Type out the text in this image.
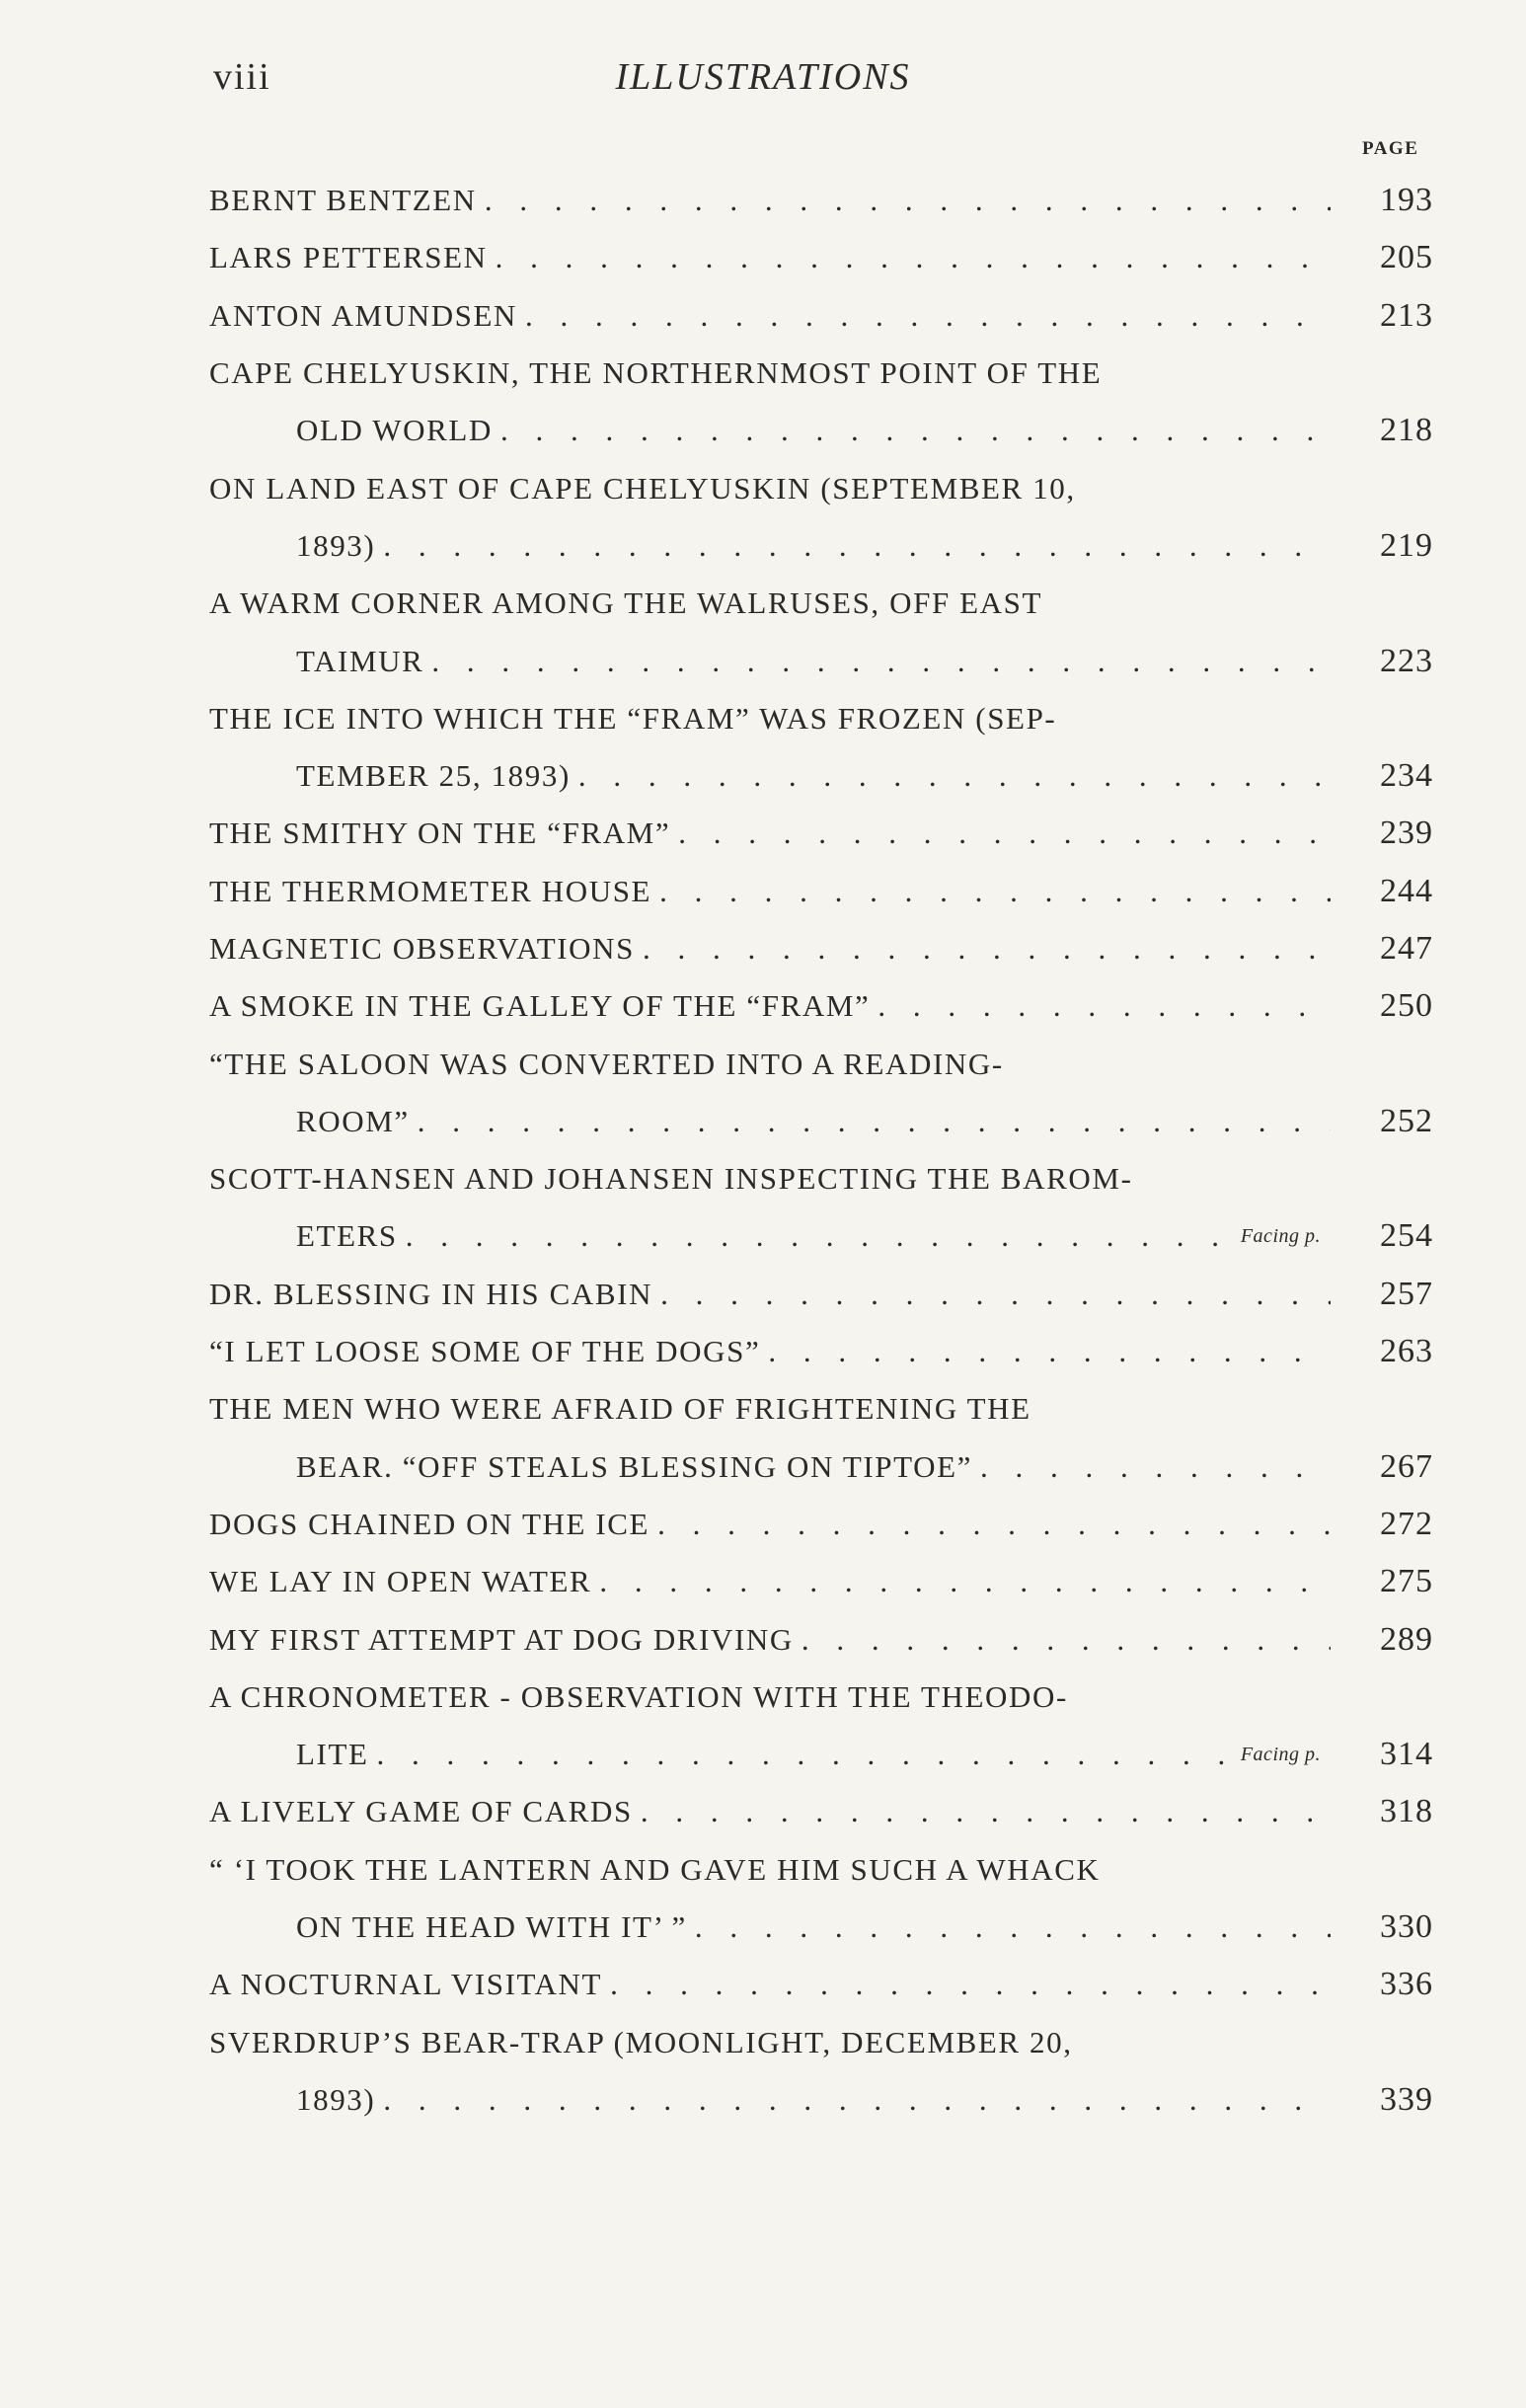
viii	ILLUSTRATIONS
PAGE
BERNT BENTZEN . . .	193
LARS PETTERSEN . . .	205
ANTON AMUNDSEN . . .	213
CAPE CHELYUSKIN, THE NORTHERNMOST POINT OF THE
OLD WORLD . . .	218
ON LAND EAST OF CAPE CHELYUSKIN (SEPTEMBER 10,
1893) . . .	219
A WARM CORNER AMONG THE WALRUSES, OFF EAST
TAIMUR . . .	223
THE ICE INTO WHICH THE “FRAM” WAS FROZEN (SEP-
TEMBER 25, 1893) . . .	234
THE SMITHY ON THE “FRAM” . . .	239
THE THERMOMETER HOUSE . . .	244
MAGNETIC OBSERVATIONS . . .	247
A SMOKE IN THE GALLEY OF THE “FRAM” . . .	250
“THE SALOON WAS CONVERTED INTO A READING-
ROOM” . . .	252
SCOTT-HANSEN AND JOHANSEN INSPECTING THE BAROM-
ETERS . . .	Facing p.	254
DR. BLESSING IN HIS CABIN . . .	257
“I LET LOOSE SOME OF THE DOGS” . . .	263
THE MEN WHO WERE AFRAID OF FRIGHTENING THE
BEAR. “OFF STEALS BLESSING ON TIPTOE” . . .	267
DOGS CHAINED ON THE ICE . . .	272
WE LAY IN OPEN WATER . . .	275
MY FIRST ATTEMPT AT DOG DRIVING . . .	289
A CHRONOMETER - OBSERVATION WITH THE THEODO-
LITE . . .	Facing p.	314
A LIVELY GAME OF CARDS . . .	318
“ ‘I TOOK THE LANTERN AND GAVE HIM SUCH A WHACK
ON THE HEAD WITH IT’ ” . . .	330
A NOCTURNAL VISITANT . . .	336
SVERDRUP’S BEAR-TRAP (MOONLIGHT, DECEMBER 20,
1893) . . .	339
